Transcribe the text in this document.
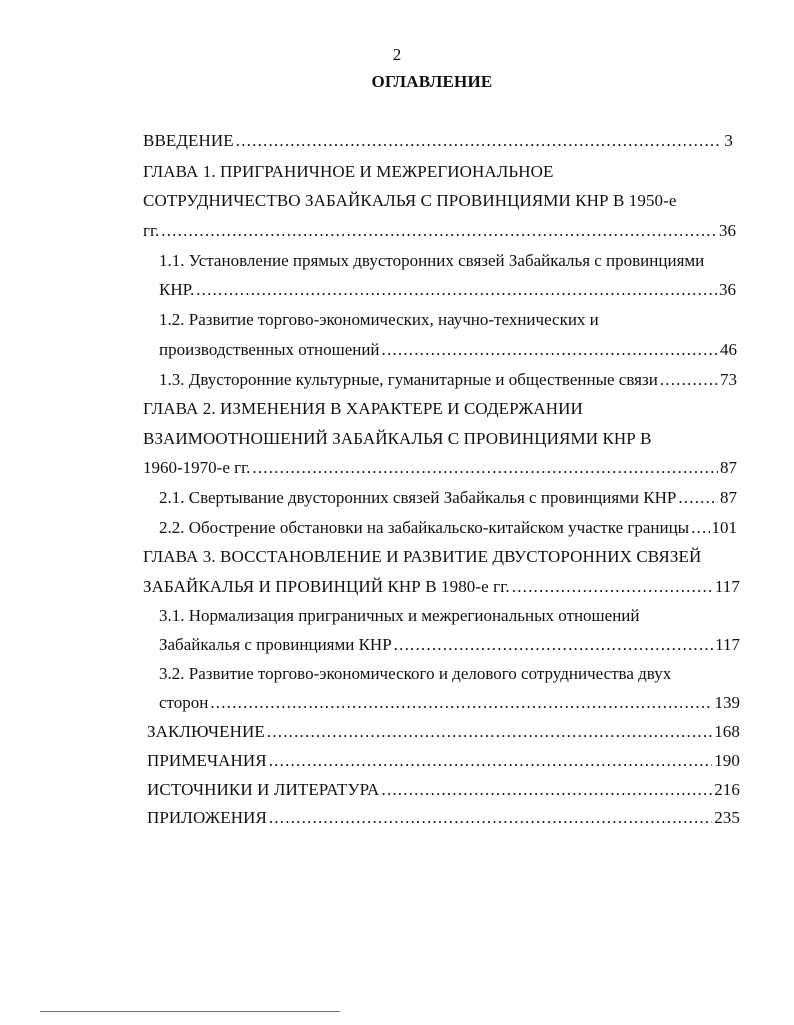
2
ОГЛАВЛЕНИЕ
ВВЕДЕНИЕ .....	3
ГЛАВА 1. ПРИГРАНИЧНОЕ И МЕЖРЕГИОНАЛЬНОЕ
СОТРУДНИЧЕСТВО ЗАБАЙКАЛЬЯ С ПРОВИНЦИЯМИ КНР В 1950-е
гг. .....	36
1.1. Установление прямых двусторонних связей Забайкалья с провинциями
КНР. .....	36
1.2. Развитие торгово-экономических, научно-технических и
производственных отношений .....	46
1.3. Двусторонние культурные, гуманитарные и общественные связи .....	73
ГЛАВА 2. ИЗМЕНЕНИЯ В ХАРАКТЕРЕ И СОДЕРЖАНИИ
ВЗАИМООТНОШЕНИЙ ЗАБАЙКАЛЬЯ С ПРОВИНЦИЯМИ КНР В
1960-1970-е гг. .....	87
2.1. Свертывание двусторонних связей Забайкалья с провинциями КНР .....	87
2.2. Обострение обстановки на забайкальско-китайском участке границы ..... 101
ГЛАВА 3. ВОССТАНОВЛЕНИЕ И РАЗВИТИЕ ДВУСТОРОННИХ СВЯЗЕЙ
ЗАБАЙКАЛЬЯ И ПРОВИНЦИЙ КНР В 1980-е гг. .....	117
3.1. Нормализация приграничных и межрегиональных отношений
Забайкалья с провинциями КНР .....	117
3.2. Развитие торгово-экономического и делового сотрудничества двух
сторон .....	139
ЗАКЛЮЧЕНИЕ .....	168
ПРИМЕЧАНИЯ .....	190
ИСТОЧНИКИ И ЛИТЕРАТУРА .....	216
ПРИЛОЖЕНИЯ .....	235
